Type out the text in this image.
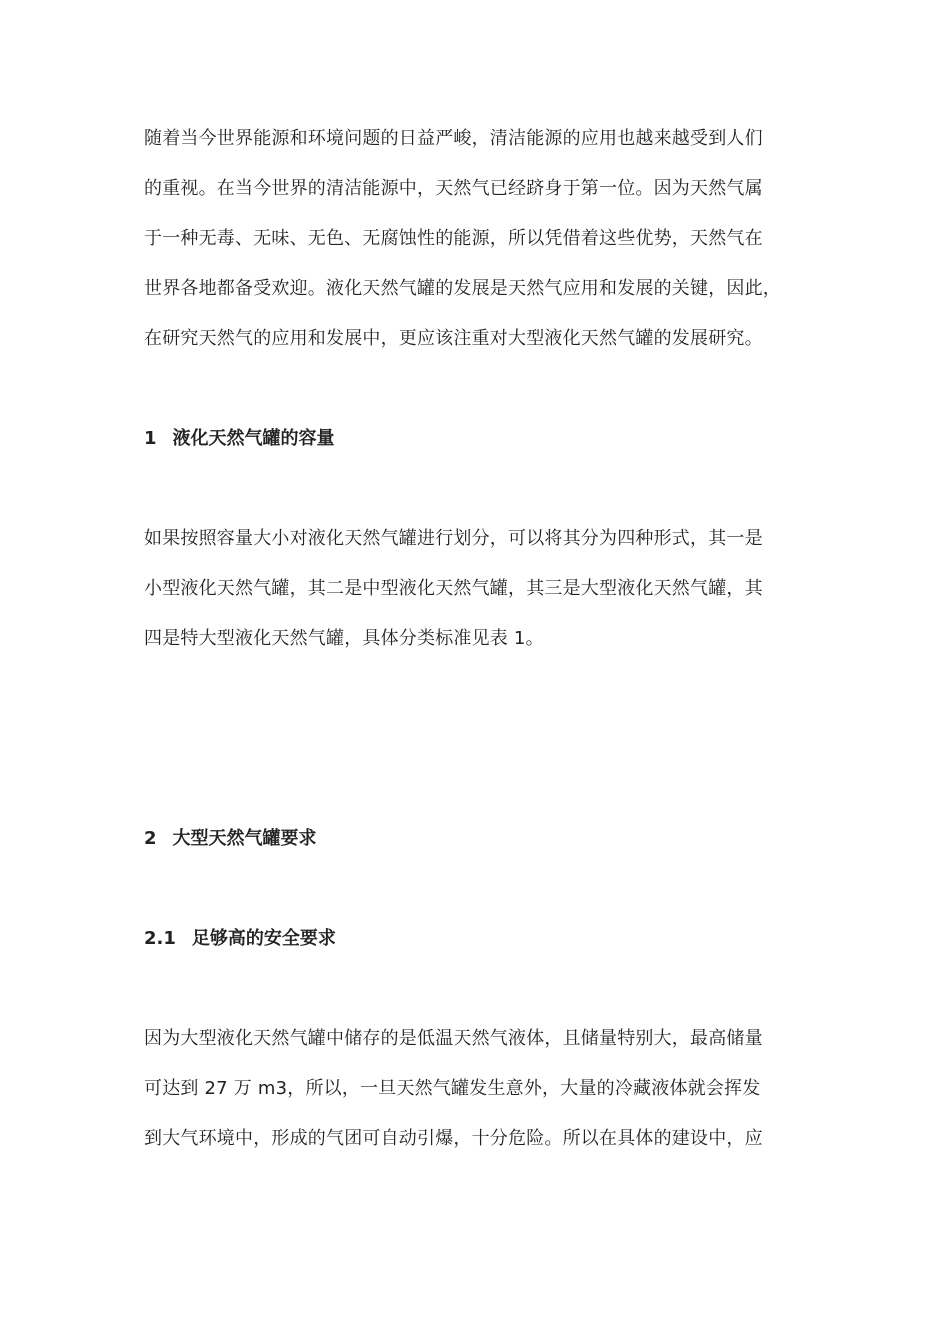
随着当今世界能源和环境问题的日益严峻，清洁能源的应用也越来越受到人们
的重视。在当今世界的清洁能源中，天然气已经跻身于第一位。因为天然气属
于一种无毒、无味、无色、无腐蚀性的能源，所以凭借着这些优势，天然气在
世界各地都备受欢迎。液化天然气罐的发展是天然气应用和发展的关键，因此，
在研究天然气的应用和发展中，更应该注重对大型液化天然气罐的发展研究。
1 液化天然气罐的容量
如果按照容量大小对液化天然气罐进行划分，可以将其分为四种形式，其一是
小型液化天然气罐，其二是中型液化天然气罐，其三是大型液化天然气罐，其
四是特大型液化天然气罐，具体分类标准见表 1。
2 大型天然气罐要求
2.1 足够高的安全要求
因为大型液化天然气罐中储存的是低温天然气液体，且储量特别大，最高储量
可达到 27 万 m3，所以，一旦天然气罐发生意外，大量的冷藏液体就会挥发
到大气环境中，形成的气团可自动引爆，十分危险。所以在具体的建设中，应
